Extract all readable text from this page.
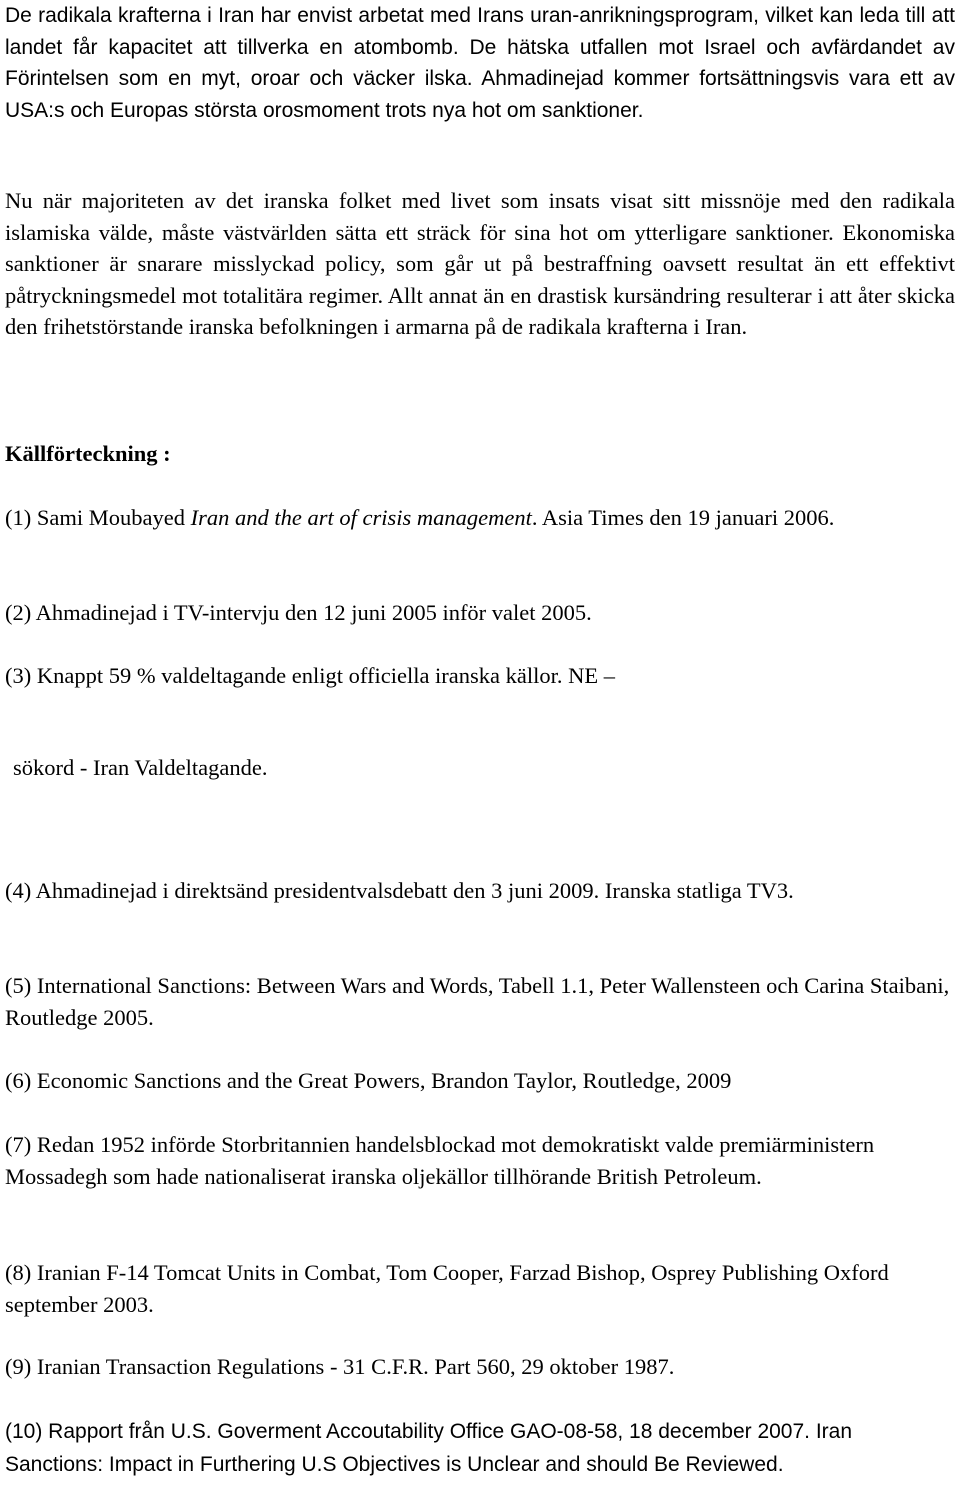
De radikala krafterna i Iran har envist arbetat med Irans uran-anrikningsprogram, vilket kan leda till att landet får kapacitet att tillverka en atombomb. De hätska utfallen mot Israel och avfärdandet av Förintelsen som en myt, oroar och väcker ilska. Ahmadinejad kommer fortsättningsvis vara ett av USA:s och Europas största orosmoment trots nya hot om sanktioner.

Nu när majoriteten av det iranska folket med livet som insats visat sitt missnöje med den radikala islamiska välde, måste västvärlden sätta ett sträck för sina hot om ytterligare sanktioner. Ekonomiska sanktioner är snarare misslyckad policy, som går ut på bestraffning oavsett resultat än ett effektivt påtryckningsmedel mot totalitära regimer. Allt annat än en drastisk kursändring resulterar i att åter skicka den frihetstörstande iranska befolkningen i armarna på de radikala krafterna i Iran.

Källförteckning :

(1) Sami Moubayed Iran and the art of crisis management. Asia Times den 19 januari 2006.

(2) Ahmadinejad i TV-intervju den 12 juni 2005 inför valet 2005.

(3) Knappt 59 % valdeltagande enligt officiella iranska källor. NE –

sökord - Iran Valdeltagande.

(4) Ahmadinejad i direktsänd presidentvalsdebatt den 3 juni 2009. Iranska statliga TV3.

(5) International Sanctions: Between Wars and Words, Tabell 1.1, Peter Wallensteen och Carina Staibani, Routledge 2005.

(6) Economic Sanctions and the Great Powers, Brandon Taylor, Routledge, 2009

(7) Redan 1952 införde Storbritannien handelsblockad mot demokratiskt valde premiärministern Mossadegh som hade nationaliserat iranska oljekällor tillhörande British Petroleum.

(8) Iranian F-14 Tomcat Units in Combat, Tom Cooper, Farzad Bishop, Osprey Publishing Oxford september 2003.

(9) Iranian Transaction Regulations - 31 C.F.R. Part 560, 29 oktober 1987.

(10) Rapport från U.S. Goverment Accoutability Office GAO-08-58, 18 december 2007. Iran Sanctions: Impact in Furthering U.S Objectives is Unclear and should Be Reviewed.
